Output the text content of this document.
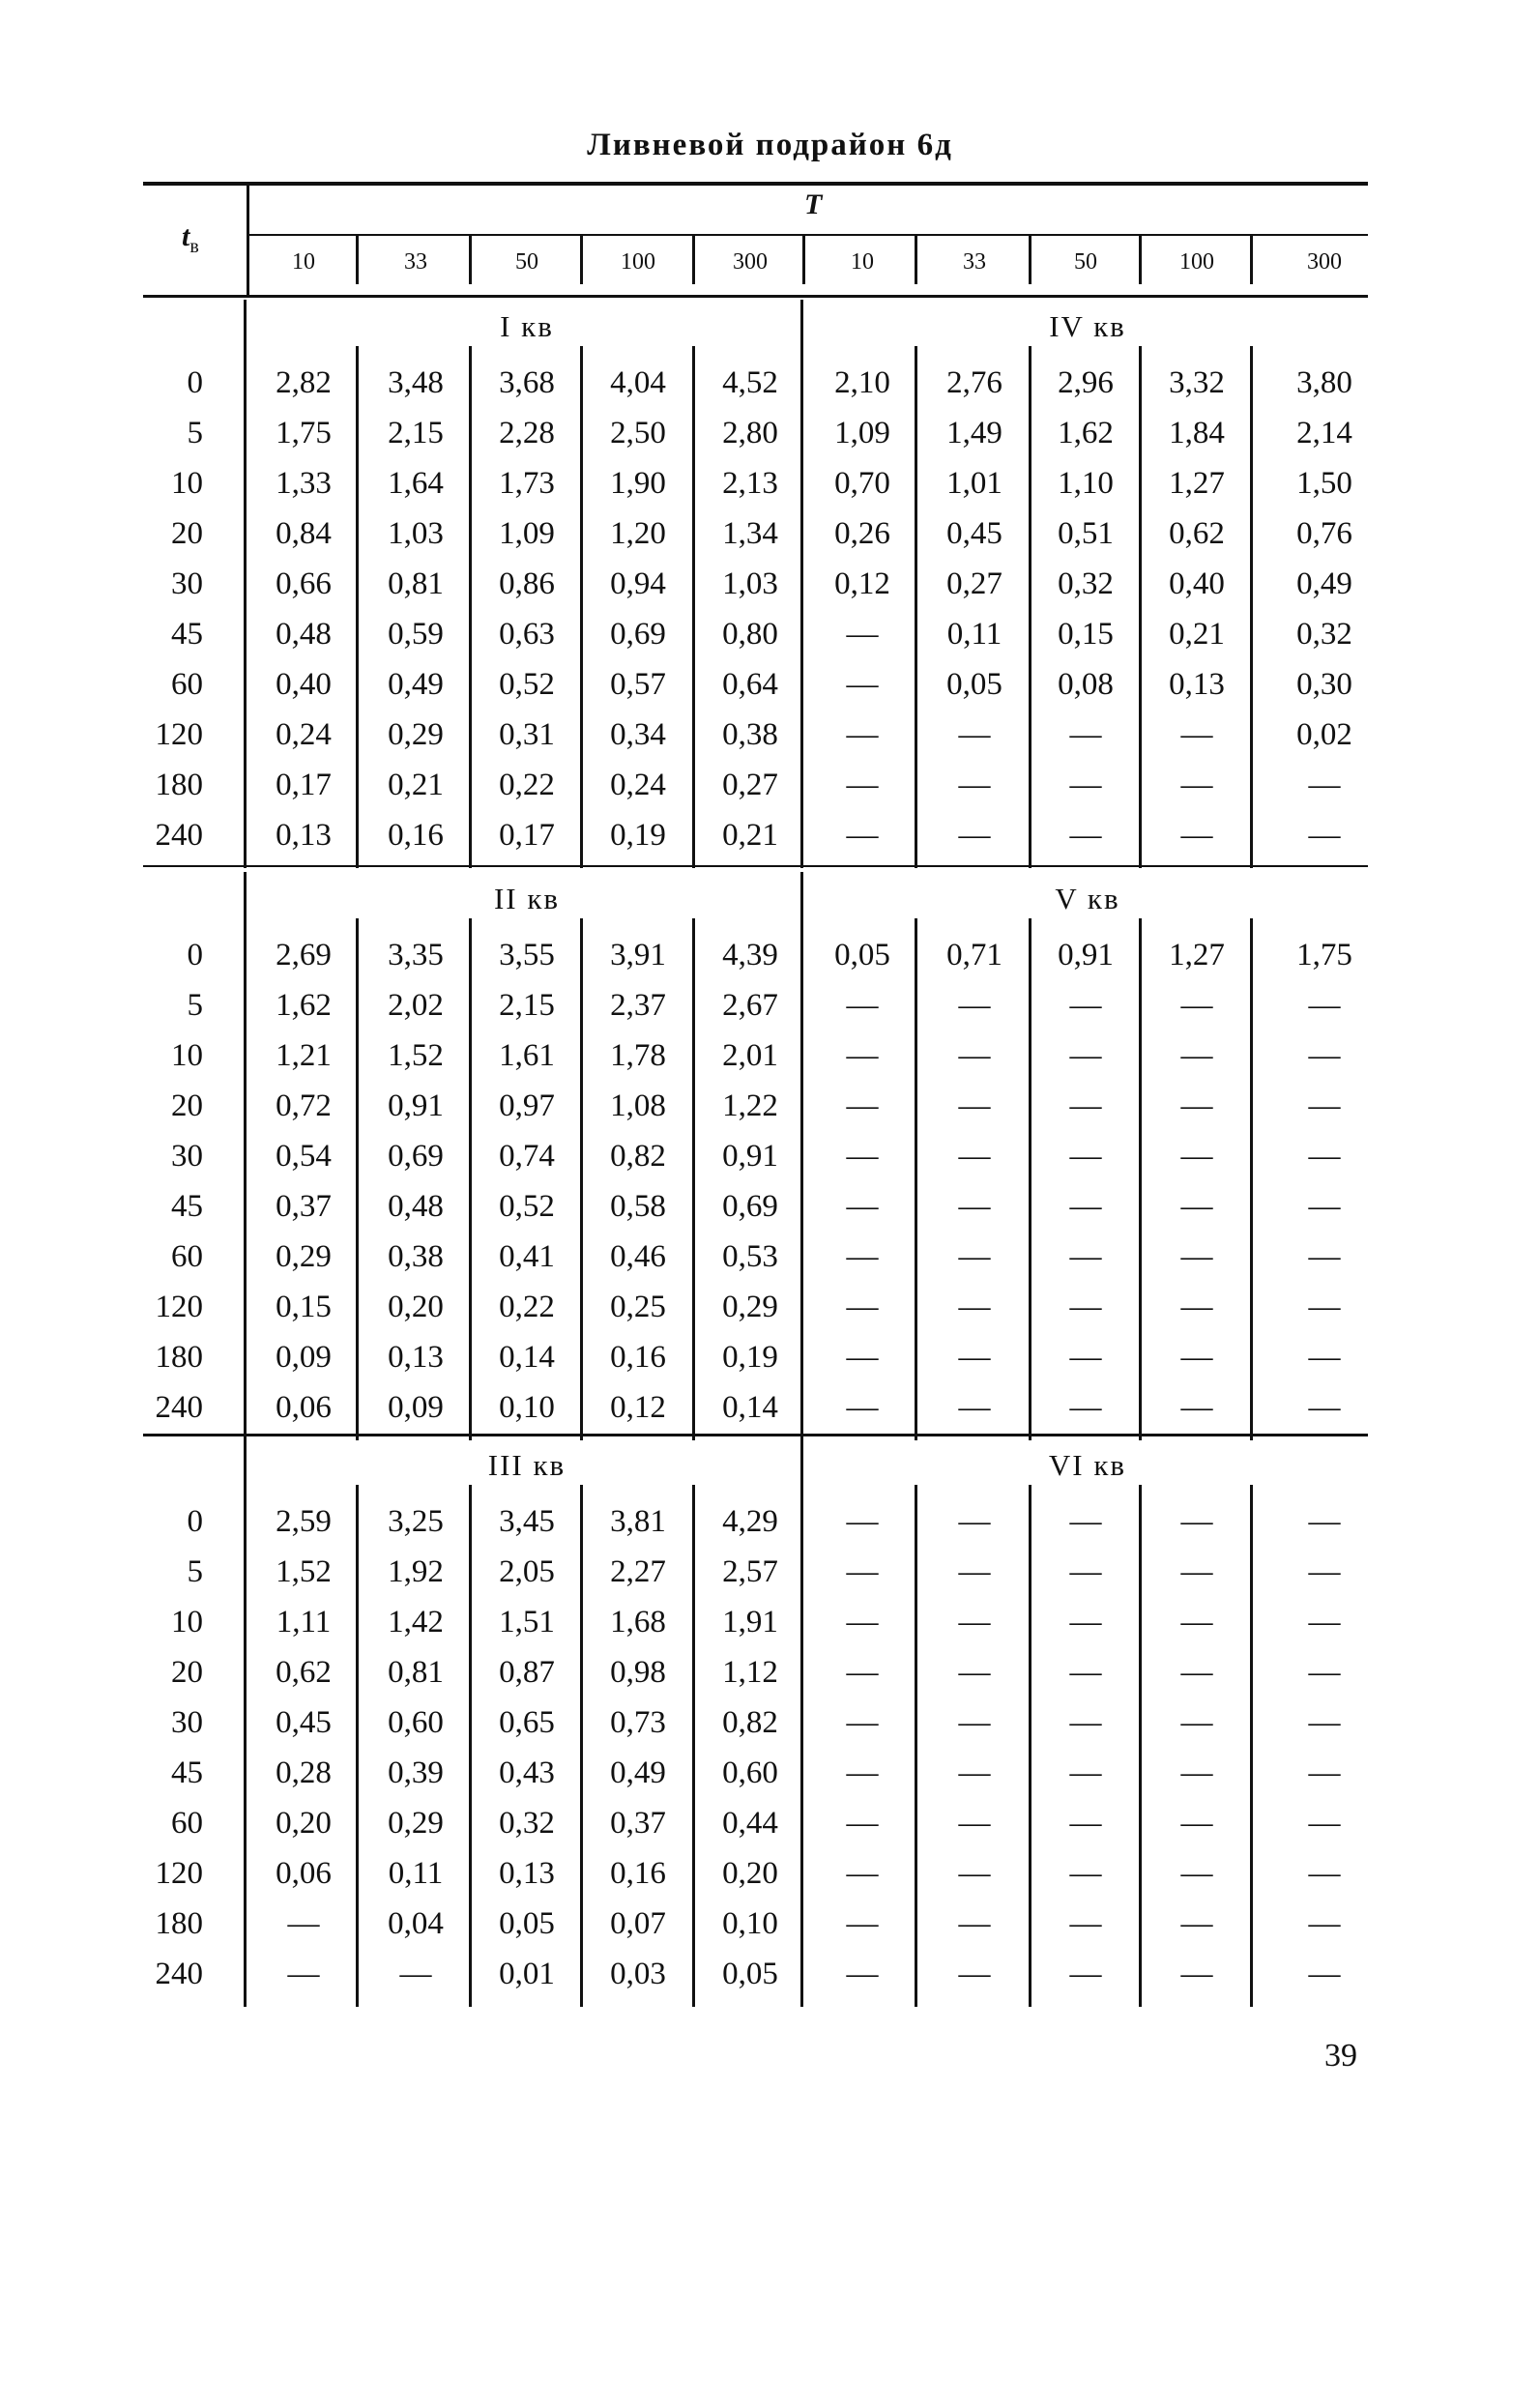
Ливневой подрайон 6д
$t_в$
T
10	33	50	100	300	10	33	50	100	300
I кв	IV кв
0	2,82	3,48	3,68	4,04	4,52	2,10	2,76	2,96	3,32	3,80
5	1,75	2,15	2,28	2,50	2,80	1,09	1,49	1,62	1,84	2,14
10	1,33	1,64	1,73	1,90	2,13	0,70	1,01	1,10	1,27	1,50
20	0,84	1,03	1,09	1,20	1,34	0,26	0,45	0,51	0,62	0,76
30	0,66	0,81	0,86	0,94	1,03	0,12	0,27	0,32	0,40	0,49
45	0,48	0,59	0,63	0,69	0,80	—	0,11	0,15	0,21	0,32
60	0,40	0,49	0,52	0,57	0,64	—	0,05	0,08	0,13	0,30
120	0,24	0,29	0,31	0,34	0,38	—	—	—	—	0,02
180	0,17	0,21	0,22	0,24	0,27	—	—	—	—	—
240	0,13	0,16	0,17	0,19	0,21	—	—	—	—	—
II кв	V кв
0	2,69	3,35	3,55	3,91	4,39	0,05	0,71	0,91	1,27	1,75
5	1,62	2,02	2,15	2,37	2,67	—	—	—	—	—
10	1,21	1,52	1,61	1,78	2,01	—	—	—	—	—
20	0,72	0,91	0,97	1,08	1,22	—	—	—	—	—
30	0,54	0,69	0,74	0,82	0,91	—	—	—	—	—
45	0,37	0,48	0,52	0,58	0,69	—	—	—	—	—
60	0,29	0,38	0,41	0,46	0,53	—	—	—	—	—
120	0,15	0,20	0,22	0,25	0,29	—	—	—	—	—
180	0,09	0,13	0,14	0,16	0,19	—	—	—	—	—
240	0,06	0,09	0,10	0,12	0,14	—	—	—	—	—
III кв	VI кв
0	2,59	3,25	3,45	3,81	4,29	—	—	—	—	—
5	1,52	1,92	2,05	2,27	2,57	—	—	—	—	—
10	1,11	1,42	1,51	1,68	1,91	—	—	—	—	—
20	0,62	0,81	0,87	0,98	1,12	—	—	—	—	—
30	0,45	0,60	0,65	0,73	0,82	—	—	—	—	—
45	0,28	0,39	0,43	0,49	0,60	—	—	—	—	—
60	0,20	0,29	0,32	0,37	0,44	—	—	—	—	—
120	0,06	0,11	0,13	0,16	0,20	—	—	—	—	—
180	—	0,04	0,05	0,07	0,10	—	—	—	—	—
240	—	—	0,01	0,03	0,05	—	—	—	—	—
39
